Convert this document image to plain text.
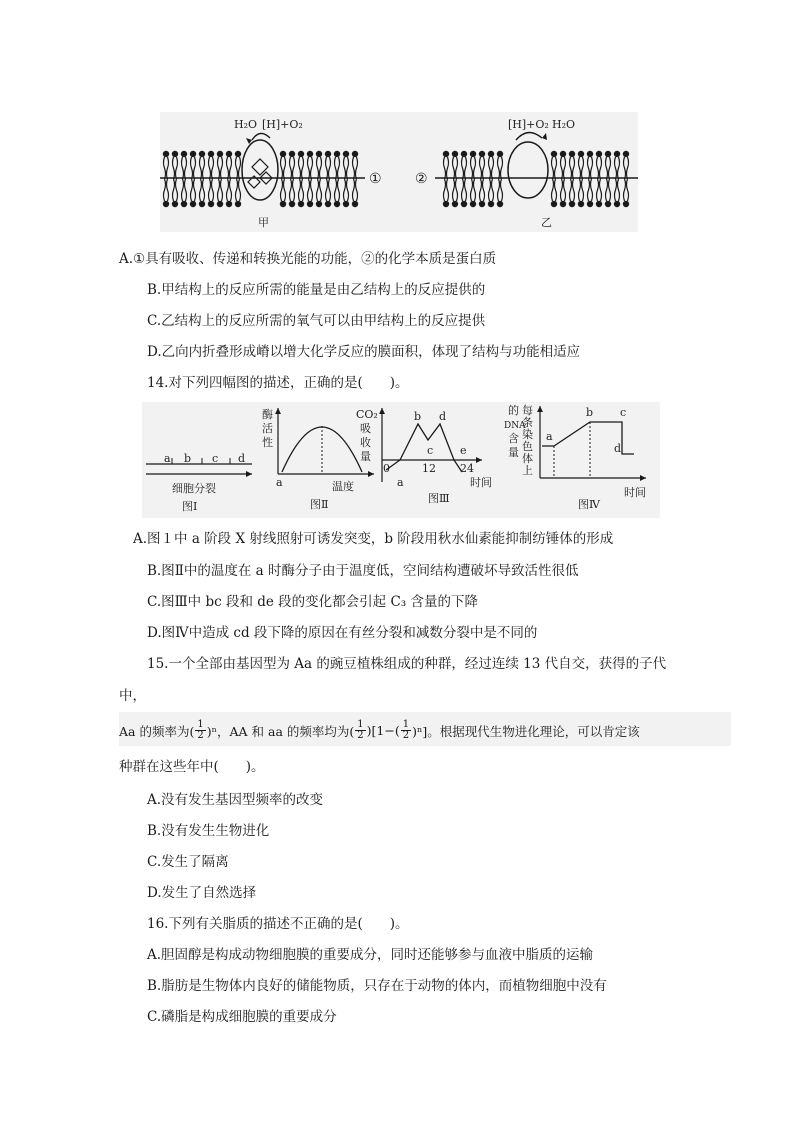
H₂O [H]+O₂
①
甲
②
[H]+O₂ H₂O
乙
A.①具有吸收、传递和转换光能的功能，②的化学本质是蛋白质
B.甲结构上的反应所需的能量是由乙结构上的反应提供的
C.乙结构上的反应所需的氧气可以由甲结构上的反应提供
D.乙向内折叠形成嵴以增大化学反应的膜面积，体现了结构与功能相适应
14.对下列四幅图的描述，正确的是(　　)。
a b c d
细胞分裂
图Ⅰ
酶
活
性
a	温度
图Ⅱ
CO₂
吸
收
量
0
a
b
c
d
e
12 24
时间
图Ⅲ
的
DNA
含
量
每
条
染
色
体
上
a
b c
d
时间
图Ⅳ
A.图１中 a 阶段 X 射线照射可诱发突变，b 阶段用秋水仙素能抑制纺锤体的形成
B.图Ⅱ中的温度在 a 时酶分子由于温度低，空间结构遭破坏导致活性很低
C.图Ⅲ中 bc 段和 de 段的变化都会引起 C₃ 含量的下降
D.图Ⅳ中造成 cd 段下降的原因在有丝分裂和减数分裂中是不同的
15.一个全部由基因型为 Aa 的豌豆植株组成的种群，经过连续 13 代自交，获得的子代
中，
Aa 的频率为( $\frac{1}{2} )^n$，AA 和 aa 的频率均为( $\frac{1}{2} )[1-( \frac{1}{2} )^n]$。根据现代生物进化理论，可以肯定该
种群在这些年中(　　)。
A.没有发生基因型频率的改变
B.没有发生生物进化
C.发生了隔离
D.发生了自然选择
16.下列有关脂质的描述不正确的是(　　)。
A.胆固醇是构成动物细胞膜的重要成分，同时还能够参与血液中脂质的运输
B.脂肪是生物体内良好的储能物质，只存在于动物的体内，而植物细胞中没有
C.磷脂是构成细胞膜的重要成分
